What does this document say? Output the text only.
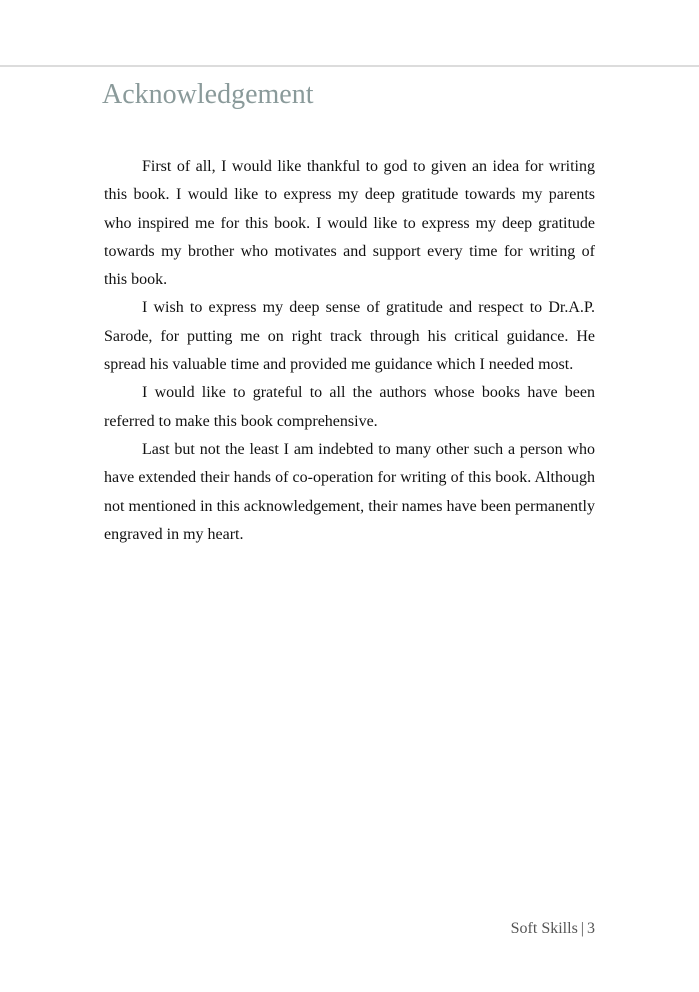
Acknowledgement

First of all, I would like thankful to god to given an idea for writing this book. I would like to express my deep gratitude towards my parents who inspired me for this book. I would like to express my deep gratitude towards my brother who motivates and support every time for writing of this book.

I wish to express my deep sense of gratitude and respect to Dr.A.P. Sarode, for putting me on right track through his critical guidance. He spread his valuable time and provided me guidance which I needed most.

I would like to grateful to all the authors whose books have been referred to make this book comprehensive.

Last but not the least I am indebted to many other such a person who have extended their hands of co-operation for writing of this book. Although not mentioned in this acknowledgement, their names have been permanently engraved in my heart.

Soft Skills | 3
